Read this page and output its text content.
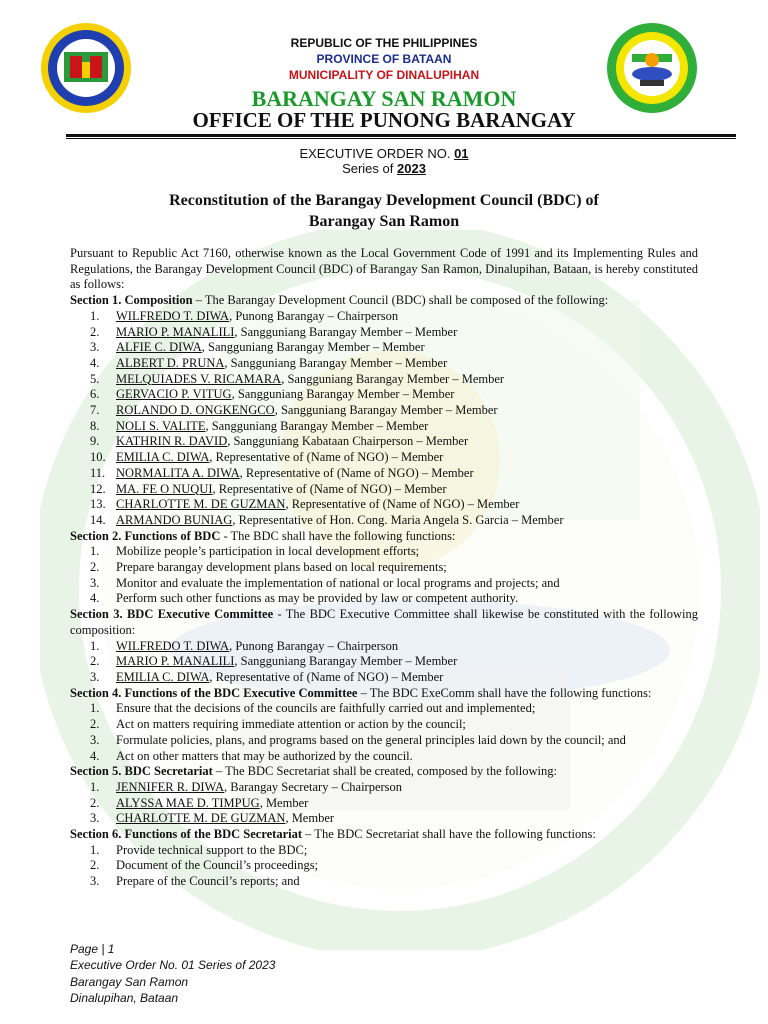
REPUBLIC OF THE PHILIPPINES
PROVINCE OF BATAAN
MUNICIPALITY OF DINALUPIHAN
BARANGAY SAN RAMON
OFFICE OF THE PUNONG BARANGAY
EXECUTIVE ORDER NO. 01
Series of 2023
Reconstitution of the Barangay Development Council (BDC) of
Barangay San Ramon
Pursuant to Republic Act 7160, otherwise known as the Local Government Code of 1991 and its Implementing Rules and Regulations, the Barangay Development Council (BDC) of Barangay San Ramon, Dinalupihan, Bataan, is hereby constituted as follows:
Section 1. Composition – The Barangay Development Council (BDC) shall be composed of the following:
1. WILFREDO T. DIWA, Punong Barangay – Chairperson
2. MARIO P. MANALILI, Sangguniang Barangay Member – Member
3. ALFIE C. DIWA, Sangguniang Barangay Member – Member
4. ALBERT D. PRUNA, Sangguniang Barangay Member – Member
5. MELQUIADES V. RICAMARA, Sangguniang Barangay Member – Member
6. GERVACIO P. VITUG, Sangguniang Barangay Member – Member
7. ROLANDO D. ONGKENGCO, Sangguniang Barangay Member – Member
8. NOLI S. VALITE, Sangguniang Barangay Member – Member
9. KATHRIN R. DAVID, Sangguniang Kabataan Chairperson – Member
10. EMILIA C. DIWA, Representative of (Name of NGO) – Member
11. NORMALITA A. DIWA, Representative of (Name of NGO) – Member
12. MA. FE O NUQUI, Representative of (Name of NGO) – Member
13. CHARLOTTE M. DE GUZMAN, Representative of (Name of NGO) – Member
14. ARMANDO BUNIAG, Representative of Hon. Cong. Maria Angela S. Garcia – Member
Section 2. Functions of BDC - The BDC shall have the following functions:
1. Mobilize people’s participation in local development efforts;
2. Prepare barangay development plans based on local requirements;
3. Monitor and evaluate the implementation of national or local programs and projects; and
4. Perform such other functions as may be provided by law or competent authority.
Section 3. BDC Executive Committee - The BDC Executive Committee shall likewise be constituted with the following composition:
1. WILFREDO T. DIWA, Punong Barangay – Chairperson
2. MARIO P. MANALILI, Sangguniang Barangay Member – Member
3. EMILIA C. DIWA, Representative of (Name of NGO) – Member
Section 4. Functions of the BDC Executive Committee – The BDC ExeComm shall have the following functions:
1. Ensure that the decisions of the councils are faithfully carried out and implemented;
2. Act on matters requiring immediate attention or action by the council;
3. Formulate policies, plans, and programs based on the general principles laid down by the council; and
4. Act on other matters that may be authorized by the council.
Section 5. BDC Secretariat – The BDC Secretariat shall be created, composed by the following:
1. JENNIFER R. DIWA, Barangay Secretary – Chairperson
2. ALYSSA MAE D. TIMPUG, Member
3. CHARLOTTE M. DE GUZMAN, Member
Section 6. Functions of the BDC Secretariat – The BDC Secretariat shall have the following functions:
1. Provide technical support to the BDC;
2. Document of the Council’s proceedings;
3. Prepare of the Council’s reports; and
Page | 1
Executive Order No. 01 Series of 2023
Barangay San Ramon
Dinalupihan, Bataan
